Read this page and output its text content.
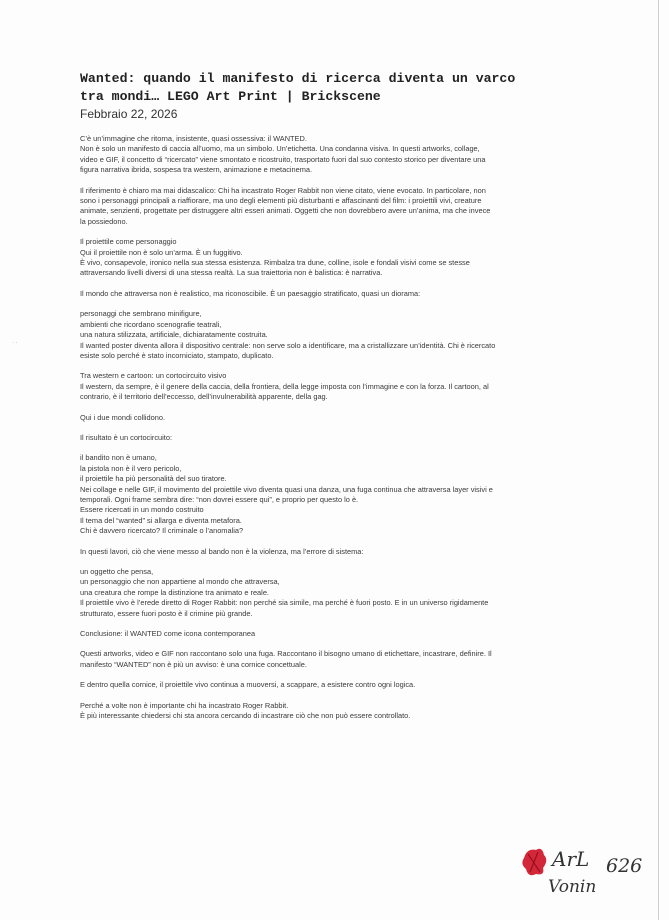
Wanted: quando il manifesto di ricerca diventa un varco
tra mondi… LEGO Art Print | Brickscene

Febbraio 22, 2026

C’è un’immagine che ritorna, insistente, quasi ossessiva: il WANTED.

Non è solo un manifesto di caccia all’uomo, ma un simbolo. Un’etichetta. Una condanna visiva. In questi artworks, collage,

video e GIF, il concetto di “ricercato” viene smontato e ricostruito, trasportato fuori dal suo contesto storico per diventare una

figura narrativa ibrida, sospesa tra western, animazione e metacinema.

Il riferimento è chiaro ma mai didascalico: Chi ha incastrato Roger Rabbit non viene citato, viene evocato. In particolare, non

sono i personaggi principali a riaffiorare, ma uno degli elementi più disturbanti e affascinanti del film: i proiettili vivi, creature

animate, senzienti, progettate per distruggere altri esseri animati. Oggetti che non dovrebbero avere un’anima, ma che invece

la possiedono.

Il proiettile come personaggio

Qui il proiettile non è solo un’arma. È un fuggitivo.

È vivo, consapevole, ironico nella sua stessa esistenza. Rimbalza tra dune, colline, isole e fondali visivi come se stesse

attraversando livelli diversi di una stessa realtà. La sua traiettoria non è balistica: è narrativa.

Il mondo che attraversa non è realistico, ma riconoscibile. È un paesaggio stratificato, quasi un diorama:

personaggi che sembrano minifigure,

ambienti che ricordano scenografie teatrali,

una natura stilizzata, artificiale, dichiaratamente costruita.

Il wanted poster diventa allora il dispositivo centrale: non serve solo a identificare, ma a cristallizzare un’identità. Chi è ricercato

esiste solo perché è stato incorniciato, stampato, duplicato.

Tra western e cartoon: un cortocircuito visivo

Il western, da sempre, è il genere della caccia, della frontiera, della legge imposta con l’immagine e con la forza. Il cartoon, al

contrario, è il territorio dell’eccesso, dell’invulnerabilità apparente, della gag.

Qui i due mondi collidono.

Il risultato è un cortocircuito:

il bandito non è umano,

la pistola non è il vero pericolo,

il proiettile ha più personalità del suo tiratore.

Nei collage e nelle GIF, il movimento del proiettile vivo diventa quasi una danza, una fuga continua che attraversa layer visivi e

temporali. Ogni frame sembra dire: “non dovrei essere qui”, e proprio per questo lo è.

Essere ricercati in un mondo costruito

Il tema del “wanted” si allarga e diventa metafora.

Chi è davvero ricercato? Il criminale o l’anomalia?

In questi lavori, ciò che viene messo al bando non è la violenza, ma l’errore di sistema:

un oggetto che pensa,

un personaggio che non appartiene al mondo che attraversa,

una creatura che rompe la distinzione tra animato e reale.

Il proiettile vivo è l’erede diretto di Roger Rabbit: non perché sia simile, ma perché è fuori posto. E in un universo rigidamente

strutturato, essere fuori posto è il crimine più grande.

Conclusione: il WANTED come icona contemporanea

Questi artworks, video e GIF non raccontano solo una fuga. Raccontano il bisogno umano di etichettare, incastrare, definire. Il

manifesto “WANTED” non è più un avviso: è una cornice concettuale.

E dentro quella cornice, il proiettile vivo continua a muoversi, a scappare, a esistere contro ogni logica.

Perché a volte non è importante chi ha incastrato Roger Rabbit.

È più interessante chiedersi chi sta ancora cercando di incastrare ciò che non può essere controllato.

· ·
ArL
Vonin
626
